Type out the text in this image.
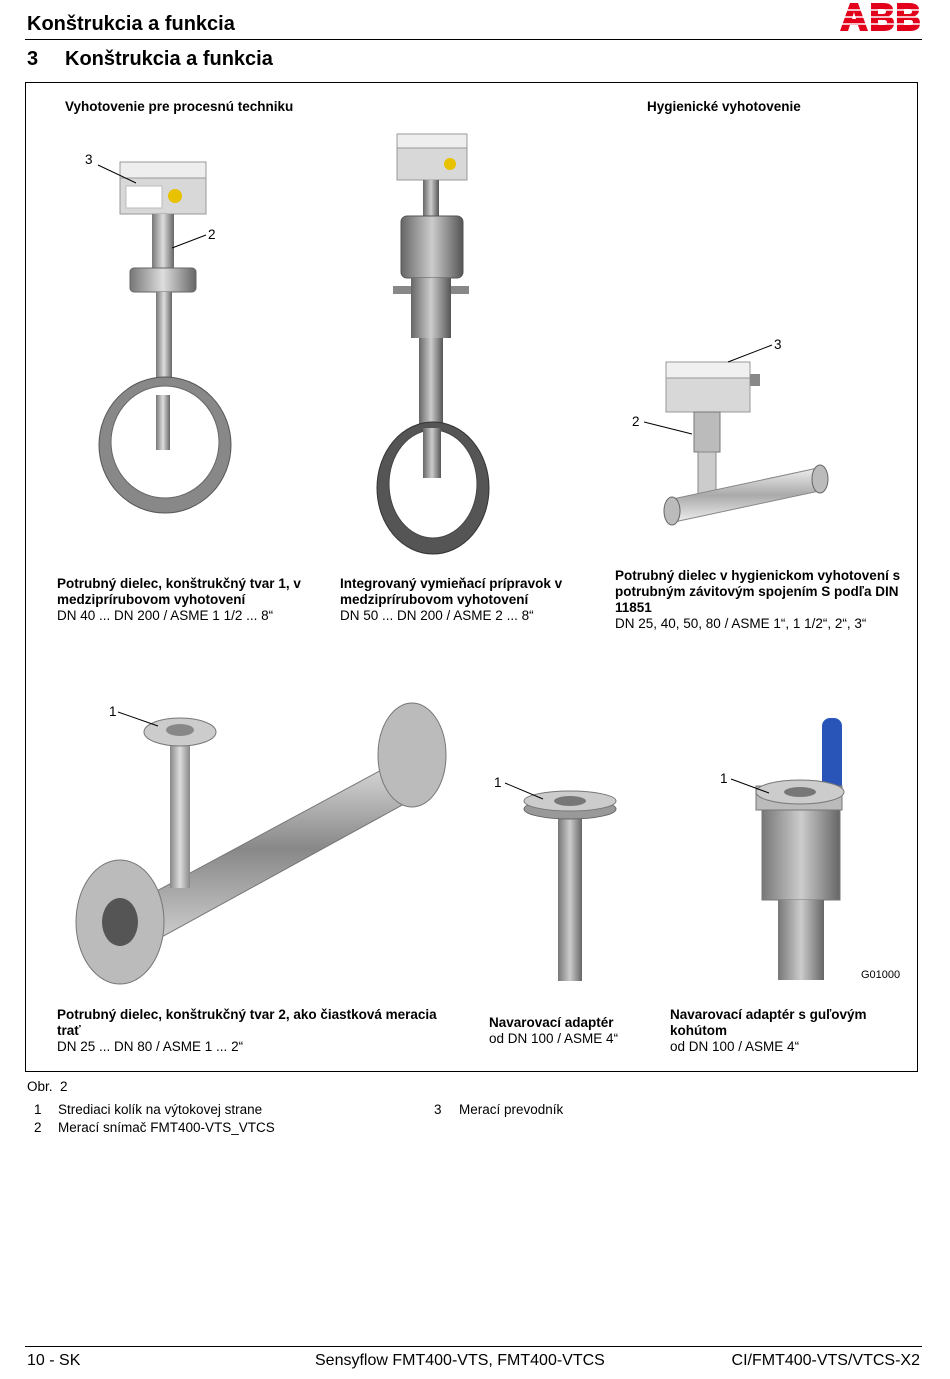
Konštrukcia a funkcia
3 Konštrukcia a funkcia
Vyhotovenie pre procesnú techniku	Hygienické vyhotovenie
3
2
3
2
Potrubný dielec, konštrukčný tvar 1, v medziprírubovom vyhotovení
DN 40 ... DN 200 / ASME 1 1/2 ... 8“
Integrovaný vymieňací prípravok v medziprírubovom vyhotovení
DN 50 ... DN 200 / ASME 2 ... 8“
Potrubný dielec v hygienickom vyhotovení s potrubným závitovým spojením S podľa DIN 11851
DN 25, 40, 50, 80 / ASME 1“, 1 1/2“, 2“, 3“
1
1	1
G01000
Potrubný dielec, konštrukčný tvar 2, ako čiastková meracia trať
DN 25 ... DN 80 / ASME 1 ... 2“
Navarovací adaptér
od DN 100 / ASME 4“
Navarovací adaptér s guľovým kohútom
od DN 100 / ASME 4“
Obr. 2
1 Strediaci kolík na výtokovej strane
2 Merací snímač FMT400-VTS_VTCS
3 Merací prevodník
10 - SK	Sensyflow FMT400-VTS, FMT400-VTCS	CI/FMT400-VTS/VTCS-X2
